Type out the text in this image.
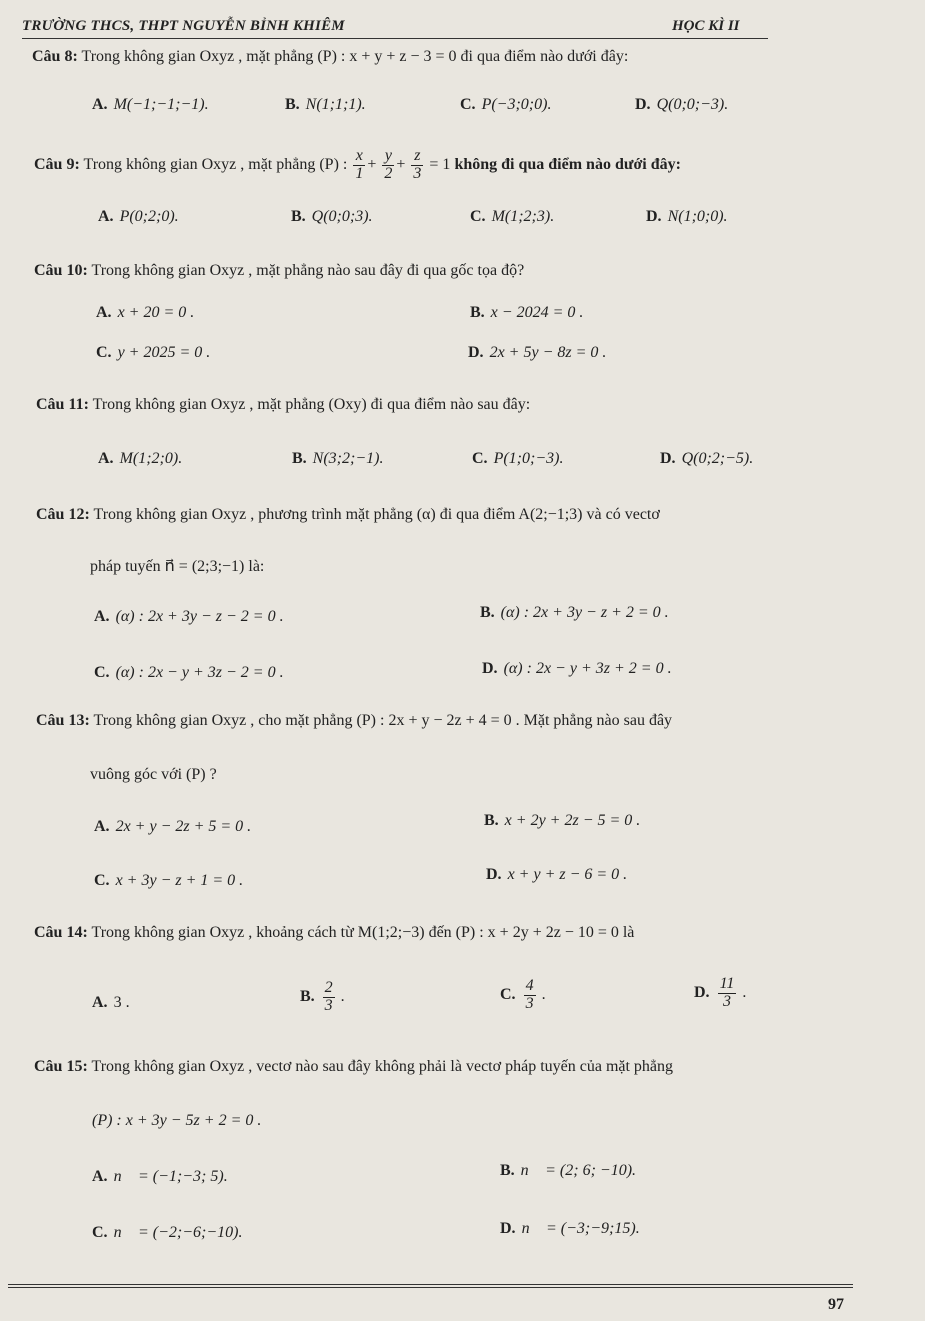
TRƯỜNG THCS, THPT NGUYỄN BỈNH KHIÊM	HỌC KÌ II
Câu 8: Trong không gian Oxyz , mặt phẳng (P) : x + y + z − 3 = 0 đi qua điểm nào dưới đây:
A. M(−1;−1;−1).	B. N(1;1;1).	C. P(−3;0;0).	D. Q(0;0;−3).
Câu 9: Trong không gian Oxyz , mặt phẳng (P) : $\frac{x}{1} + \frac{y}{2} + \frac{z}{3} = 1$ không đi qua điểm nào dưới đây:
A. P(0;2;0).	B. Q(0;0;3).	C. M(1;2;3).	D. N(1;0;0).
Câu 10: Trong không gian Oxyz , mặt phẳng nào sau đây đi qua gốc tọa độ?
A. x + 20 = 0 .	B. x − 2024 = 0 .
C. y + 2025 = 0 .	D. 2x + 5y − 8z = 0 .
Câu 11: Trong không gian Oxyz , mặt phẳng (Oxy) đi qua điểm nào sau đây:
A. M(1;2;0).	B. N(3;2;−1).	C. P(1;0;−3).	D. Q(0;2;−5).
Câu 12: Trong không gian Oxyz , phương trình mặt phẳng (α) đi qua điểm A(2;−1;3) và có vectơ
pháp tuyến n⃗ = (2;3;−1) là:
A. (α) : 2x + 3y − z − 2 = 0 .	B. (α) : 2x + 3y − z + 2 = 0 .
C. (α) : 2x − y + 3z − 2 = 0 .	D. (α) : 2x − y + 3z + 2 = 0 .
Câu 13: Trong không gian Oxyz , cho mặt phẳng (P) : 2x + y − 2z + 4 = 0 . Mặt phẳng nào sau đây
vuông góc với (P) ?
A. 2x + y − 2z + 5 = 0 .	B. x + 2y + 2z − 5 = 0 .
C. x + 3y − z + 1 = 0 .	D. x + y + z − 6 = 0 .
Câu 14: Trong không gian Oxyz , khoảng cách từ M(1;2;−3) đến (P) : x + 2y + 2z − 10 = 0 là
A. 3 .	B. $\frac{2}{3}$ .	C. $\frac{4}{3}$ .	D. $\frac{11}{3}$ .
Câu 15: Trong không gian Oxyz , vectơ nào sau đây không phải là vectơ pháp tuyến của mặt phẳng
(P) : x + 3y − 5z + 2 = 0 .
A. n⃗ = (−1;−3; 5).	B. n⃗ = (2; 6; −10).
C. n⃗ = (−2;−6;−10).	D. n⃗ = (−3;−9;15).
97
